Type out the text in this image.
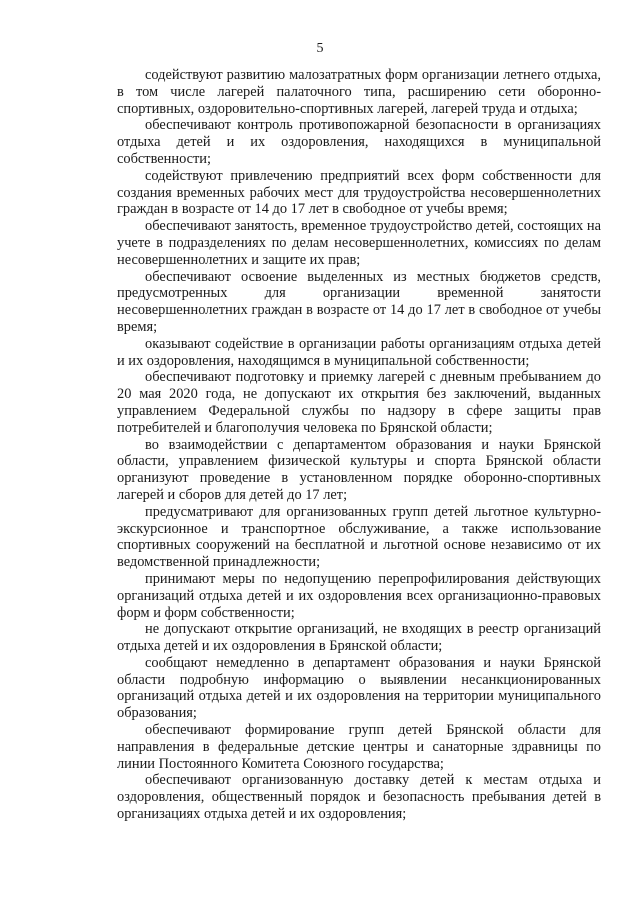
5

содействуют развитию малозатратных форм организации летнего отдыха, в том числе лагерей палаточного типа, расширению сети оборонно-спортивных, оздоровительно-спортивных лагерей, лагерей труда и отдыха;

обеспечивают контроль противопожарной безопасности в организациях отдыха детей и их оздоровления, находящихся в муниципальной собственности;

содействуют привлечению предприятий всех форм собственности для создания временных рабочих мест для трудоустройства несовершеннолетних граждан в возрасте от 14 до 17 лет в свободное от учебы время;

обеспечивают занятость, временное трудоустройство детей, состоящих на учете в подразделениях по делам несовершеннолетних, комиссиях по делам несовершеннолетних и защите их прав;

обеспечивают освоение выделенных из местных бюджетов средств, предусмотренных для организации временной занятости несовершеннолетних граждан в возрасте от 14 до 17 лет в свободное от учебы время;

оказывают содействие в организации работы организациям отдыха детей и их оздоровления, находящимся в муниципальной собственности;

обеспечивают подготовку и приемку лагерей с дневным пребыванием до 20 мая 2020 года, не допускают их открытия без заключений, выданных управлением Федеральной службы по надзору в сфере защиты прав потребителей и благополучия человека по Брянской области;

во взаимодействии с департаментом образования и науки Брянской области, управлением физической культуры и спорта Брянской области организуют проведение в установленном порядке оборонно-спортивных лагерей и сборов для детей до 17 лет;

предусматривают для организованных групп детей льготное культурно-экскурсионное и транспортное обслуживание, а также использование спортивных сооружений на бесплатной и льготной основе независимо от их ведомственной принадлежности;

принимают меры по недопущению перепрофилирования действующих организаций отдыха детей и их оздоровления всех организационно-правовых форм и форм собственности;

не допускают открытие организаций, не входящих в реестр организаций отдыха детей и их оздоровления в Брянской области;

сообщают немедленно в департамент образования и науки Брянской области подробную информацию о выявлении несанкционированных организаций отдыха детей и их оздоровления на территории муниципального образования;

обеспечивают формирование групп детей Брянской области для направления в федеральные детские центры и санаторные здравницы по линии Постоянного Комитета Союзного государства;

обеспечивают организованную доставку детей к местам отдыха и оздоровления, общественный порядок и безопасность пребывания детей в организациях отдыха детей и их оздоровления;
